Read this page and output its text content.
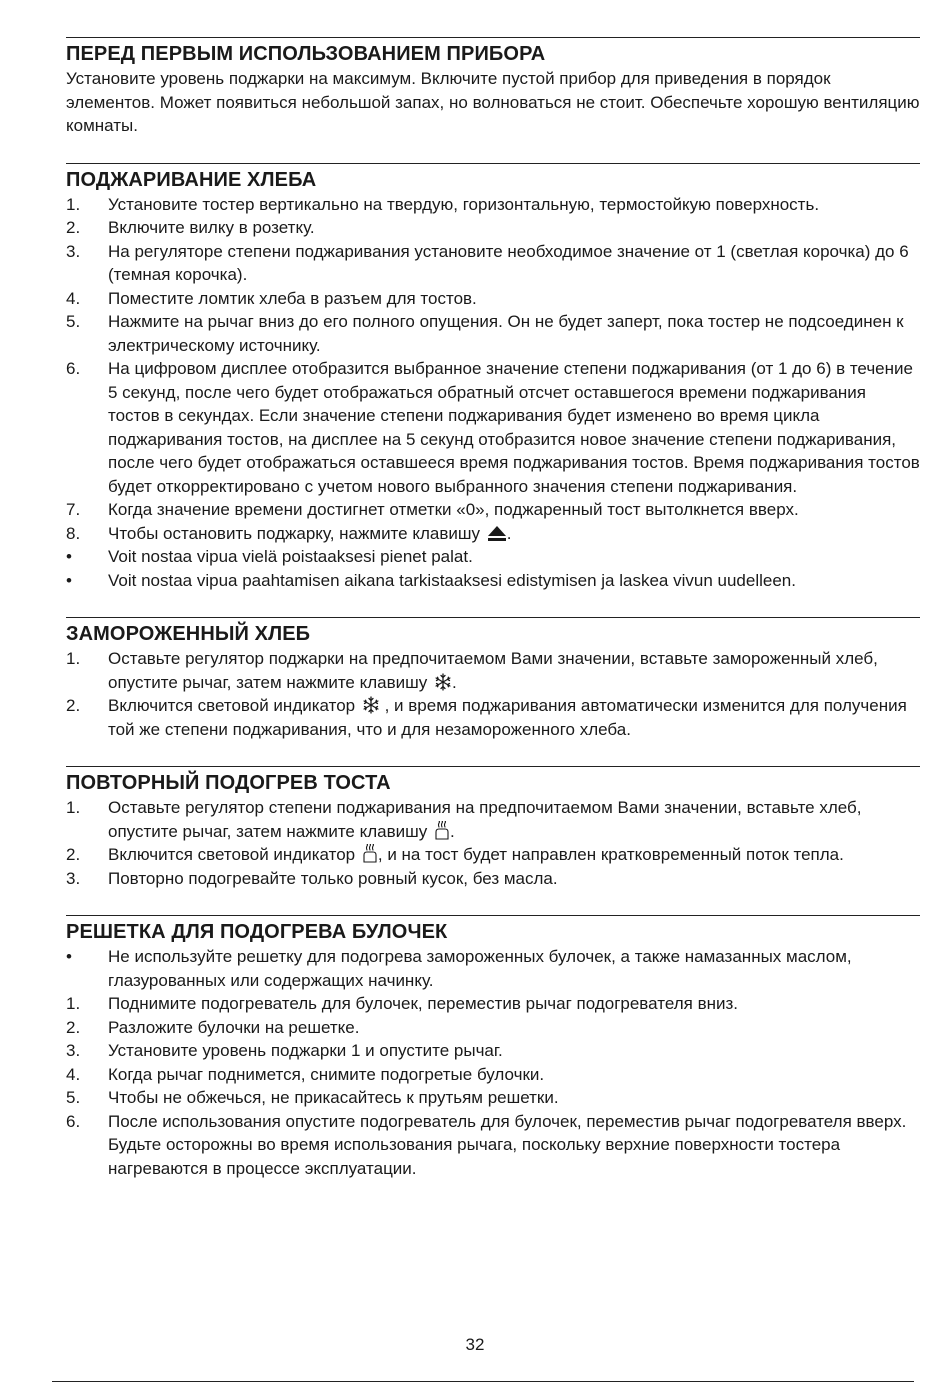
ПЕРЕД ПЕРВЫМ ИСПОЛЬЗОВАНИЕМ ПРИБОРА

Установите уровень поджарки на максимум. Включите пустой прибор для приведения в порядок элементов. Может появиться небольшой запах, но волноваться не стоит. Обеспечьте хорошую вентиляцию комнаты.

ПОДЖАРИВАНИЕ ХЛЕБА
1. Установите тостер вертикально на твердую, горизонтальную, термостойкую поверхность.
2. Включите вилку в розетку.
3. На регуляторе степени поджаривания установите необходимое значение от 1 (светлая корочка) до 6 (темная корочка).
4. Поместите ломтик хлеба в разъем для тостов.
5. Нажмите на рычаг вниз до его полного опущения. Он не будет заперт, пока тостер не подсоединен к электрическому источнику.
6. На цифровом дисплее отобразится выбранное значение степени поджаривания (от 1 до 6) в течение 5 секунд, после чего будет отображаться обратный отсчет оставшегося времени поджаривания тостов в секундах. Если значение степени поджаривания будет изменено во время цикла поджаривания тостов, на дисплее на 5 секунд отобразится новое значение степени поджаривания, после чего будет отображаться оставшееся время поджаривания тостов. Время поджаривания тостов будет откорректировано с учетом нового выбранного значения степени поджаривания.
7. Когда значение времени достигнет отметки «0», поджаренный тост вытолкнется вверх.
8. Чтобы остановить поджарку, нажмите клавишу .
• Voit nostaa vipua vielä poistaaksesi pienet palat.
• Voit nostaa vipua paahtamisen aikana tarkistaaksesi edistymisen ja laskea vivun uudelleen.
ЗАМОРОЖЕННЫЙ ХЛЕБ
1. Оставьте регулятор поджарки на предпочитаемом Вами значении, вставьте замороженный хлеб, опустите рычаг, затем нажмите клавишу .
2. Включится световой индикатор
, и время поджаривания автоматически изменится для получения той же степени поджаривания, что и для незамороженного хлеба.
ПОВТОРНЫЙ ПОДОГРЕВ ТОСТА
1. Оставьте регулятор степени поджаривания на предпочитаемом Вами значении, вставьте хлеб, опустите рычаг, затем нажмите клавишу .
2. Включится световой индикатор , и на тост будет направлен кратковременный поток тепла.
3. Повторно подогревайте только ровный кусок, без масла.
РЕШЕТКА ДЛЯ ПОДОГРЕВА БУЛОЧЕК
• Не используйте решетку для подогрева замороженных булочек, а также намазанных маслом, глазурованных или содержащих начинку.
1. Поднимите подогреватель для булочек, переместив рычаг подогревателя вниз.
2. Разложите булочки на решетке.
3. Установите уровень поджарки 1 и опустите рычаг.
4. Когда рычаг поднимется, снимите подогретые булочки.
5. Чтобы не обжечься, не прикасайтесь к прутьям решетки.
6. После использования опустите подогреватель для булочек, переместив рычаг подогревателя вверх. Будьте осторожны во время использования рычага, поскольку верхние поверхности тостера нагреваются в процессе эксплуатации.
32
